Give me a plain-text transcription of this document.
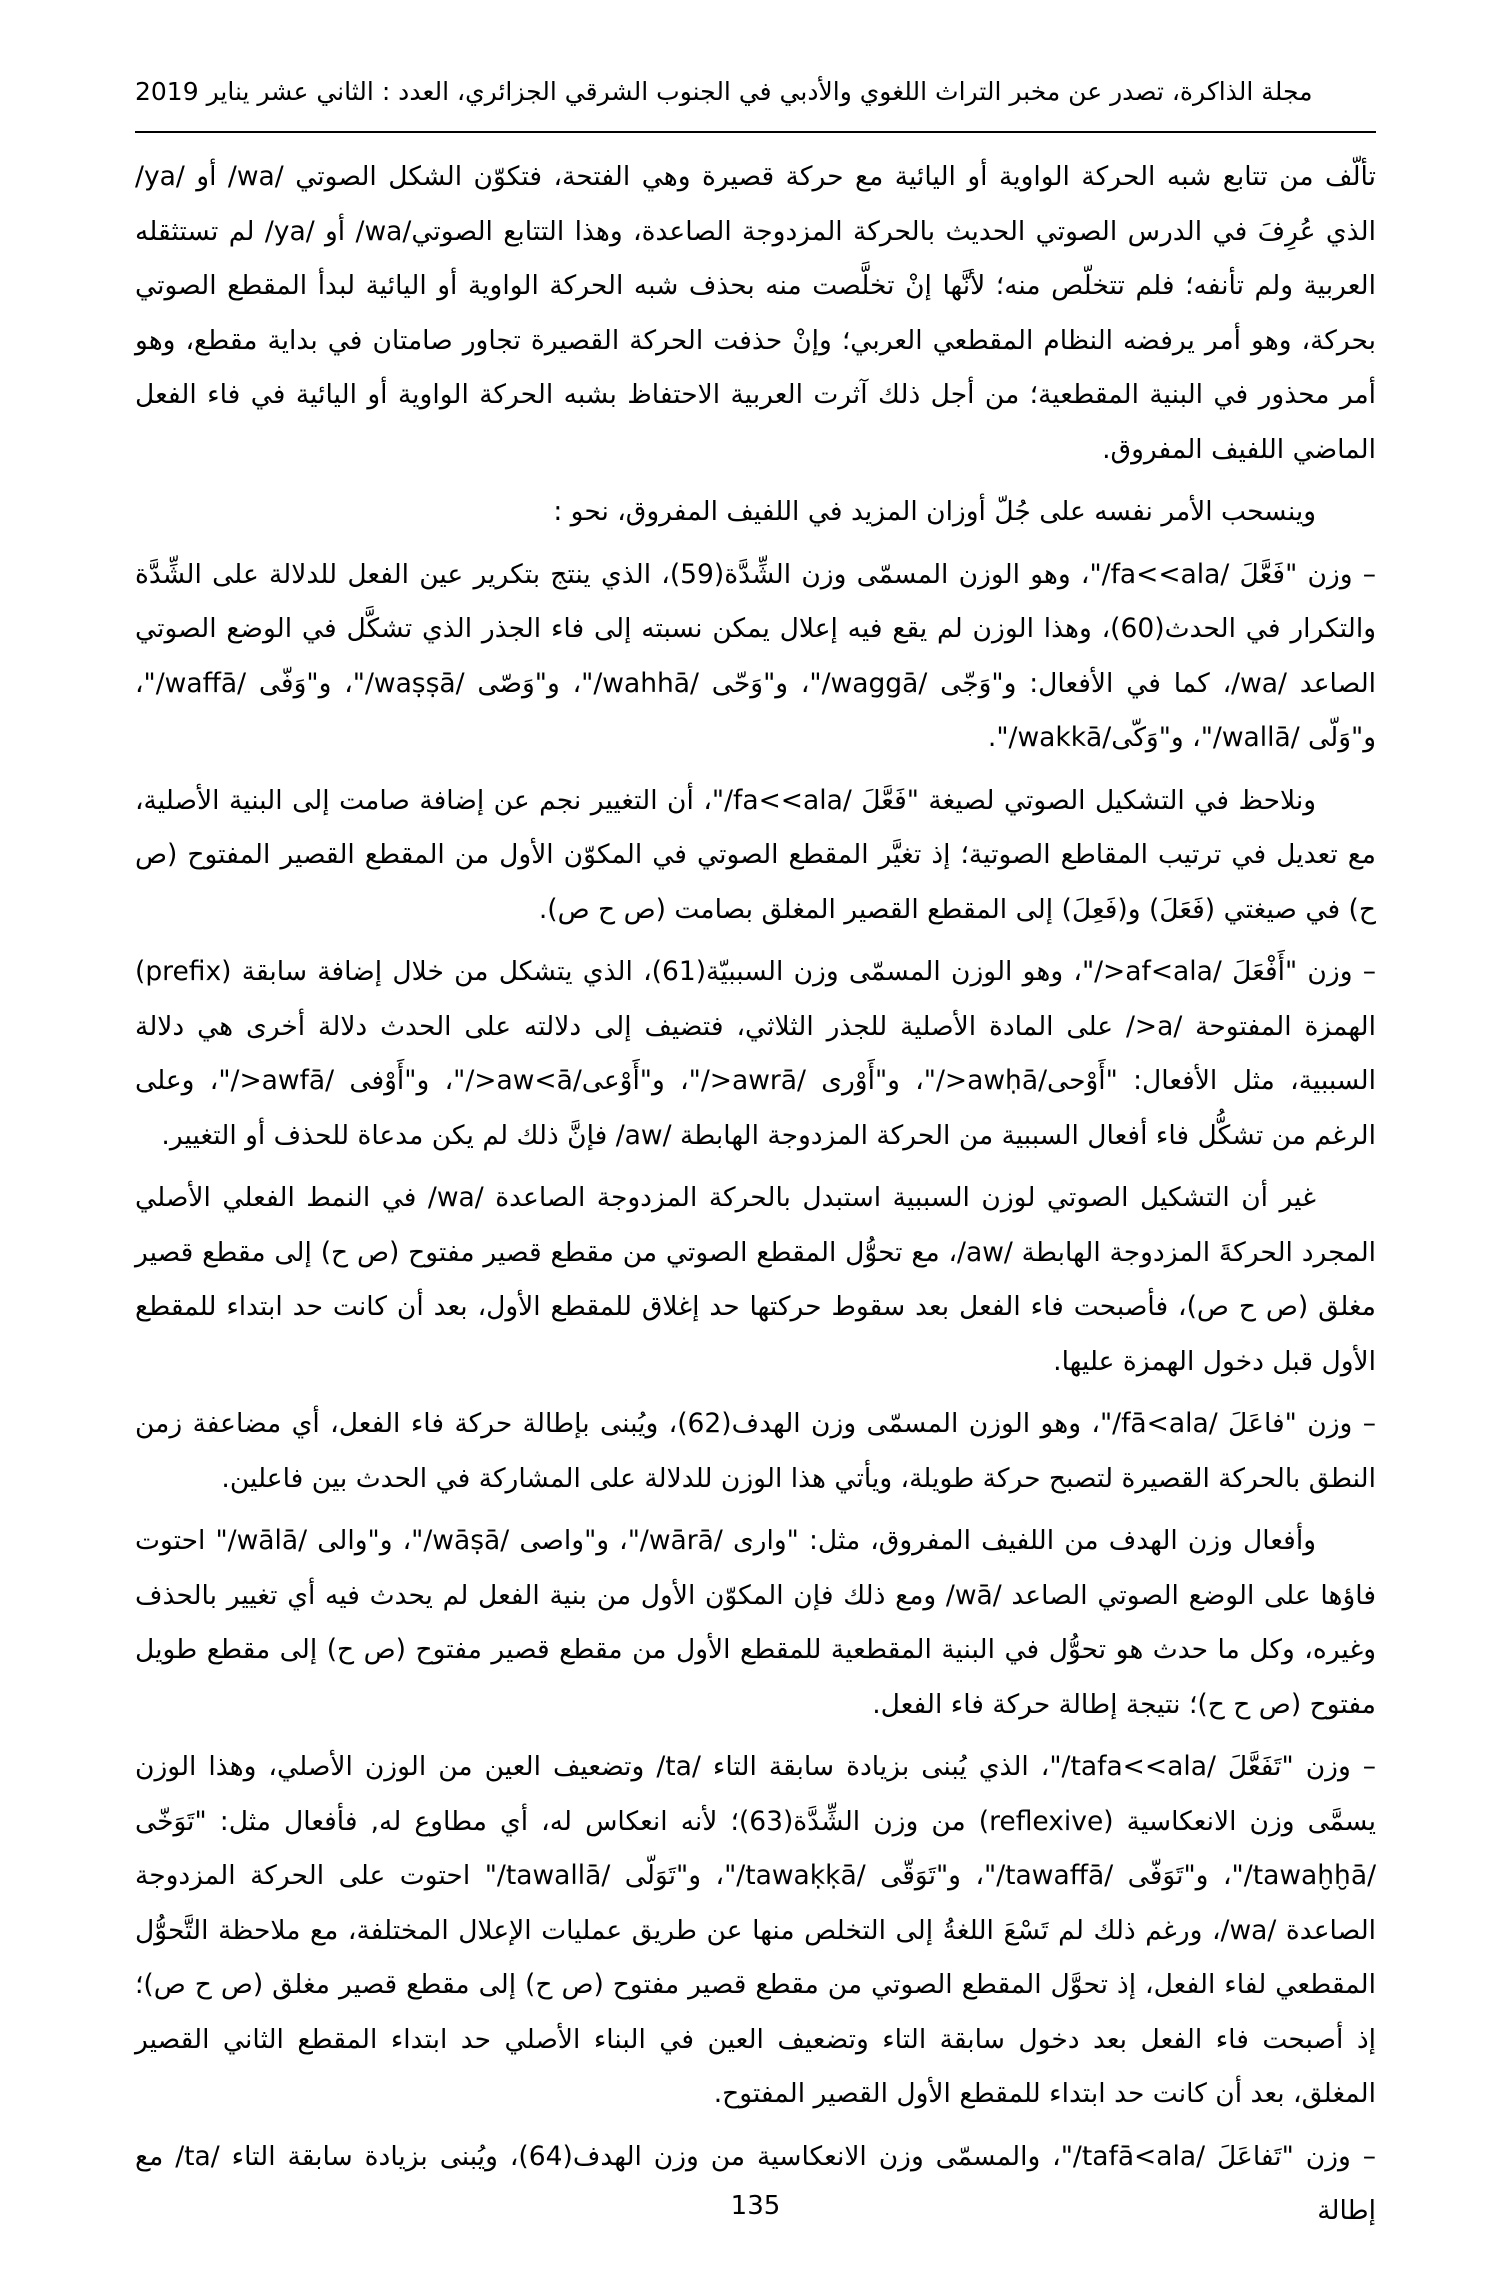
مجلة الذاكرة، تصدر عن مخبر التراث اللغوي والأدبي في الجنوب الشرقي الجزائري، العدد : الثاني عشر يناير 2019

تألّف من تتابع شبه الحركة الواوية أو اليائية مع حركة قصيرة وهي الفتحة، فتكوّن الشكل الصوتي /wa/ أو /ya/ الذي عُرِفَ في الدرس الصوتي الحديث بالحركة المزدوجة الصاعدة، وهذا التتابع الصوتي/wa/ أو /ya/ لم تستثقله العربية ولم تأنفه؛ فلم تتخلّص منه؛ لأنَّها إنْ تخلَّصت منه بحذف شبه الحركة الواوية أو اليائية لبدأ المقطع الصوتي بحركة، وهو أمر يرفضه النظام المقطعي العربي؛ وإنْ حذفت الحركة القصيرة تجاور صامتان في بداية مقطع، وهو أمر محذور في البنية المقطعية؛ من أجل ذلك آثرت العربية الاحتفاظ بشبه الحركة الواوية أو اليائية في فاء الفعل الماضي اللفيف المفروق.

وينسحب الأمر نفسه على جُلّ أوزان المزيد في اللفيف المفروق، نحو :

– وزن "فَعَّلَ /fa<<ala/"، وهو الوزن المسمّى وزن الشِّدَّة(59)، الذي ينتج بتكرير عين الفعل للدلالة على الشِّدَّة والتكرار في الحدث(60)، وهذا الوزن لم يقع فيه إعلال يمكن نسبته إلى فاء الجذر الذي تشكَّل في الوضع الصوتي الصاعد /wa/، كما في الأفعال: و"وَجّى /waggā/"، و"وَحّى /wahhā/"، و"وَصّى /waṣṣā/"، و"وَفّى /waffā/"، و"وَلّى /wallā/"، و"وَكّى/wakkā/".

ونلاحظ في التشكيل الصوتي لصيغة "فَعَّلَ /fa<<ala/"، أن التغيير نجم عن إضافة صامت إلى البنية الأصلية، مع تعديل في ترتيب المقاطع الصوتية؛ إذ تغيَّر المقطع الصوتي في المكوّن الأول من المقطع القصير المفتوح (ص ح) في صيغتي (فَعَلَ) و(فَعِلَ) إلى المقطع القصير المغلق بصامت (ص ح ص).

– وزن "أَفْعَلَ /af<ala</"، وهو الوزن المسمّى وزن السببيّة(61)، الذي يتشكل من خلال إضافة سابقة (prefix) الهمزة المفتوحة /a</ على المادة الأصلية للجذر الثلاثي، فتضيف إلى دلالته على الحدث دلالة أخرى هي دلالة السببية، مثل الأفعال: "أَوْحى/awḥā</"، و"أَوْرى /awrā</"، و"أَوْعى/aw<ā</"، و"أَوْفى /awfā</"، وعلى الرغم من تشكُّل فاء أفعال السببية من الحركة المزدوجة الهابطة /aw/ فإنَّ ذلك لم يكن مدعاة للحذف أو التغيير.

غير أن التشكيل الصوتي لوزن السببية استبدل بالحركة المزدوجة الصاعدة /wa/ في النمط الفعلي الأصلي المجرد الحركةَ المزدوجة الهابطة /aw/، مع تحوُّل المقطع الصوتي من مقطع قصير مفتوح (ص ح) إلى مقطع قصير مغلق (ص ح ص)، فأصبحت فاء الفعل بعد سقوط حركتها حد إغلاق للمقطع الأول، بعد أن كانت حد ابتداء للمقطع الأول قبل دخول الهمزة عليها.

– وزن "فاعَلَ /fā<ala/"، وهو الوزن المسمّى وزن الهدف(62)، ويُبنى بإطالة حركة فاء الفعل، أي مضاعفة زمن النطق بالحركة القصيرة لتصبح حركة طويلة، ويأتي هذا الوزن للدلالة على المشاركة في الحدث بين فاعلين.

وأفعال وزن الهدف من اللفيف المفروق، مثل: "وارى /wārā/"، و"واصى /wāṣā/"، و"والى /wālā/" احتوت فاؤها على الوضع الصوتي الصاعد /wā/ ومع ذلك فإن المكوّن الأول من بنية الفعل لم يحدث فيه أي تغيير بالحذف وغيره، وكل ما حدث هو تحوُّل في البنية المقطعية للمقطع الأول من مقطع قصير مفتوح (ص ح) إلى مقطع طويل مفتوح (ص ح ح)؛ نتيجة إطالة حركة فاء الفعل.

– وزن "تَفَعَّلَ /tafa<<ala/"، الذي يُبنى بزيادة سابقة التاء /ta/ وتضعيف العين من الوزن الأصلي، وهذا الوزن يسمَّى وزن الانعكاسية (reflexive) من وزن الشِّدَّة(63)؛ لأنه انعكاس له، أي مطاوع له, فأفعال مثل: "تَوَخّى /tawaḫḫā/"، و"تَوَفّى /tawaffā/"، و"تَوَقّى /tawaḳḳā/"، و"تَوَلّى /tawallā/" احتوت على الحركة المزدوجة الصاعدة /wa/، ورغم ذلك لم تَسْعَ اللغةُ إلى التخلص منها عن طريق عمليات الإعلال المختلفة، مع ملاحظة التَّحوُّل المقطعي لفاء الفعل، إذ تحوَّل المقطع الصوتي من مقطع قصير مفتوح (ص ح) إلى مقطع قصير مغلق (ص ح ص)؛ إذ أصبحت فاء الفعل بعد دخول سابقة التاء وتضعيف العين في البناء الأصلي حد ابتداء المقطع الثاني القصير المغلق، بعد أن كانت حد ابتداء للمقطع الأول القصير المفتوح.

– وزن "تَفاعَلَ /tafā<ala/"، والمسمّى وزن الانعكاسية من وزن الهدف(64)، ويُبنى بزيادة سابقة التاء /ta/ مع إطالة

135
